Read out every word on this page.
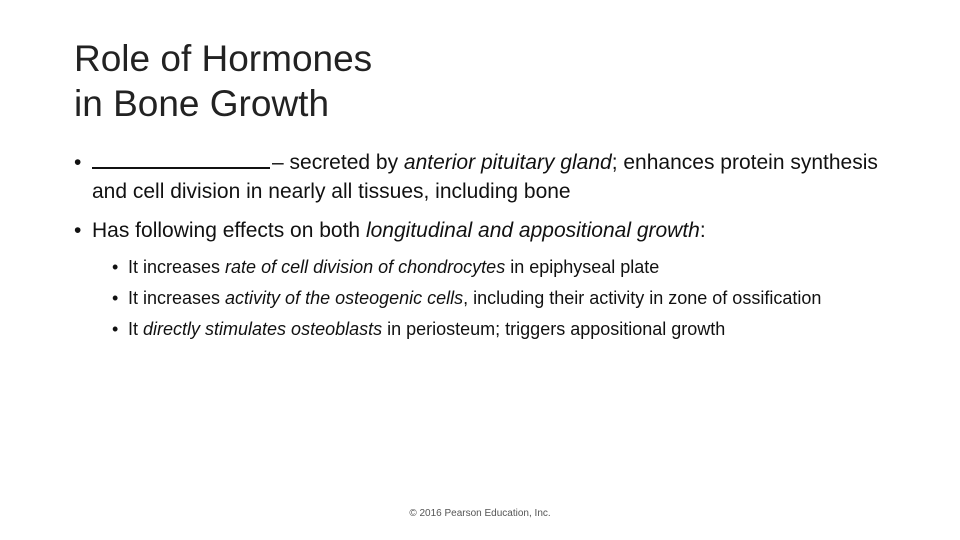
Role of Hormones
in Bone Growth
•	– secreted by anterior pituitary gland; enhances protein synthesis and cell division in nearly all tissues, including bone
• Has following effects on both longitudinal and appositional growth:
• It increases rate of cell division of chondrocytes in epiphyseal plate
• It increases activity of the osteogenic cells, including their activity in zone of ossification
• It directly stimulates osteoblasts in periosteum; triggers appositional growth
© 2016 Pearson Education, Inc.
